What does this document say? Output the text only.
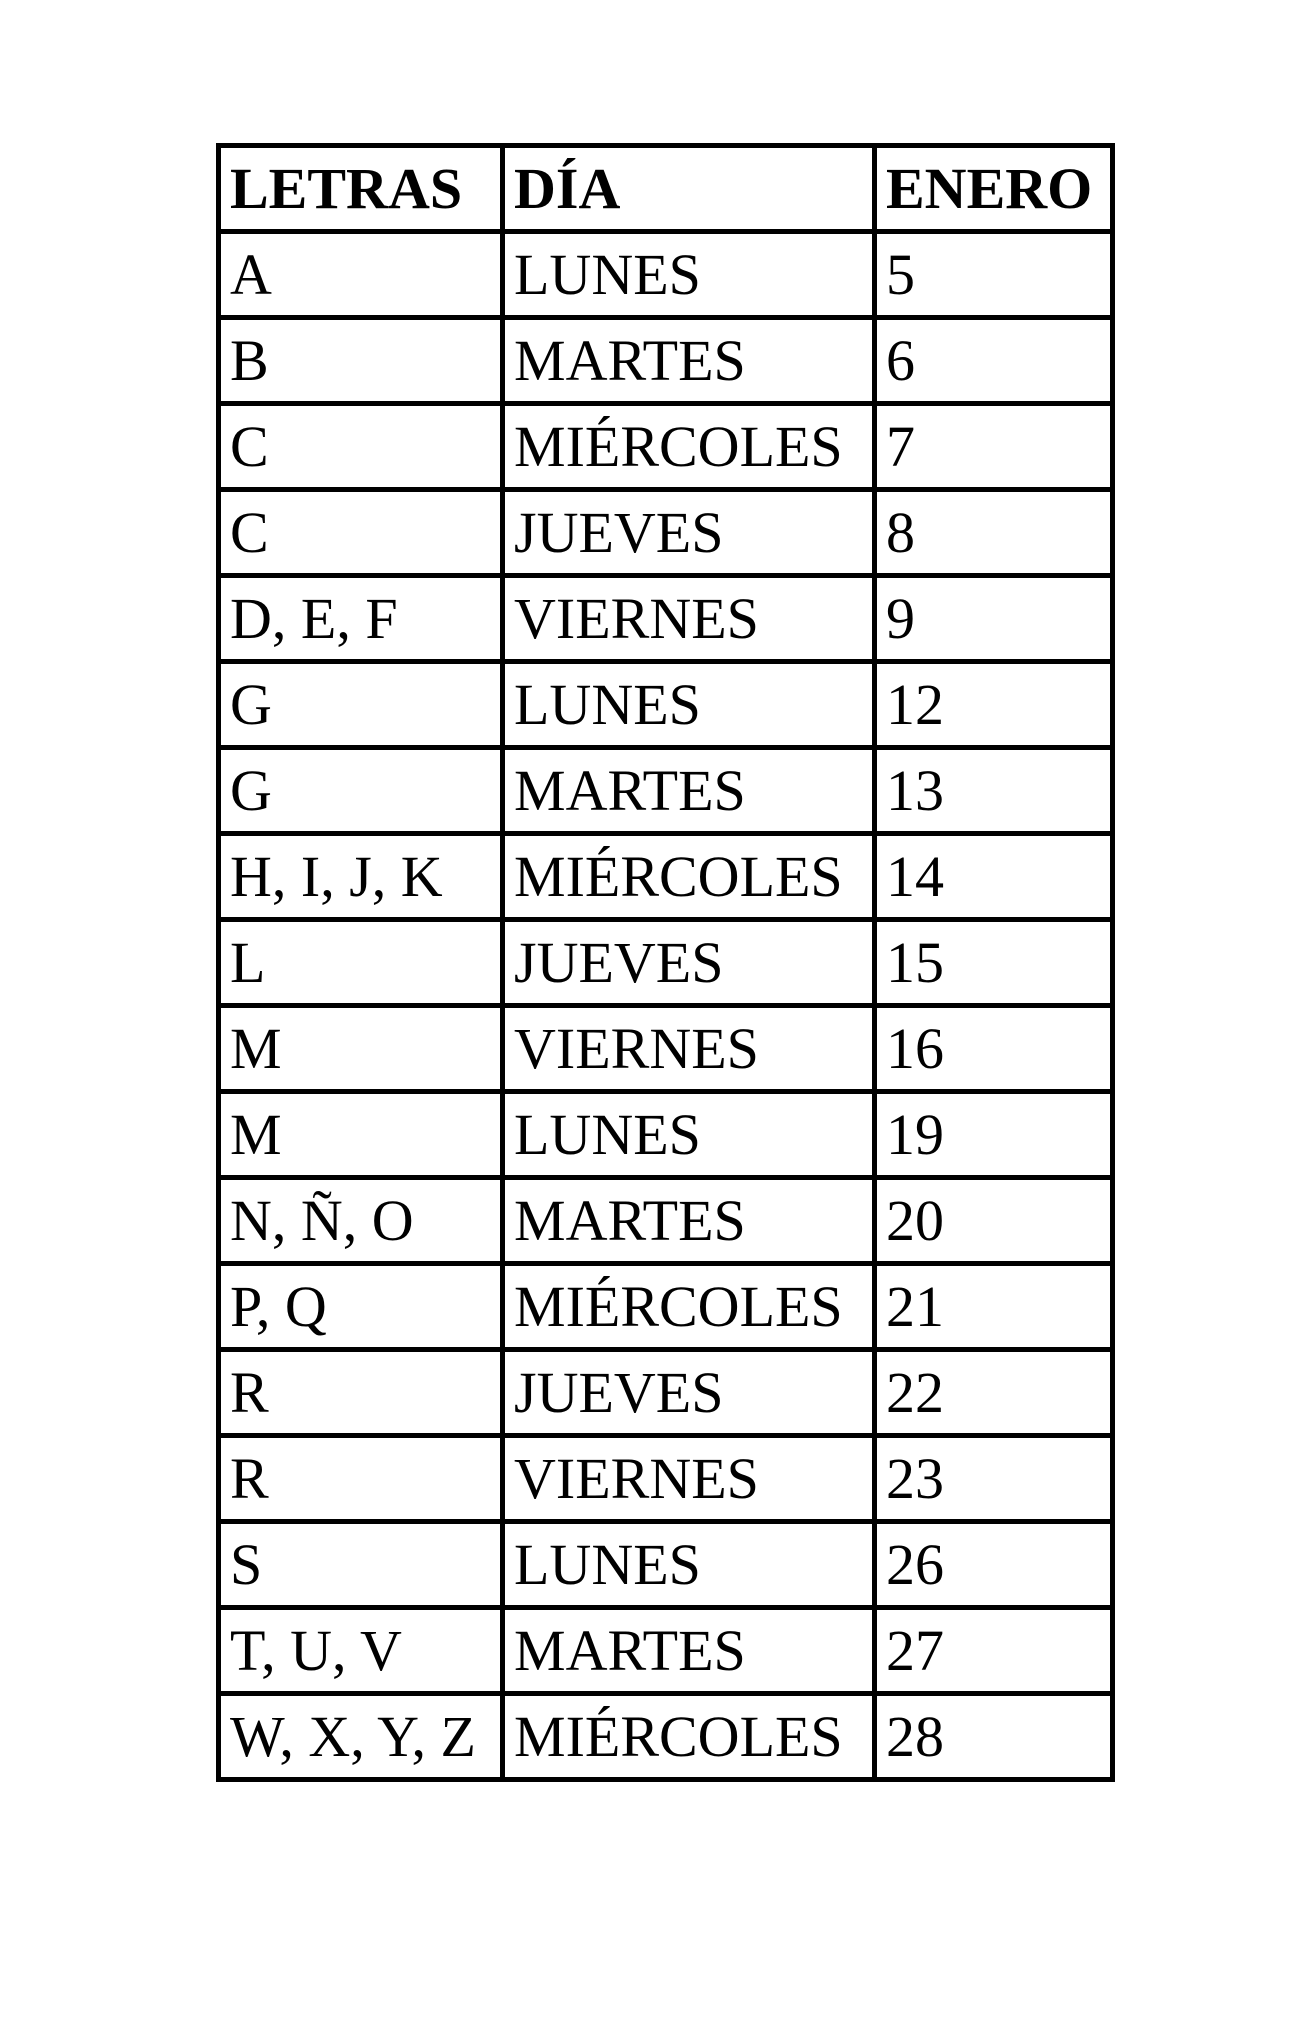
LETRAS	DÍA	ENERO
A	LUNES	5
B	MARTES	6
C	MIÉRCOLES	7
C	JUEVES	8
D, E, F	VIERNES	9
G	LUNES	12
G	MARTES	13
H, I, J, K	MIÉRCOLES	14
L	JUEVES	15
M	VIERNES	16
M	LUNES	19
N, Ñ, O	MARTES	20
P, Q	MIÉRCOLES	21
R	JUEVES	22
R	VIERNES	23
S	LUNES	26
T, U, V	MARTES	27
W, X, Y, Z	MIÉRCOLES	28
